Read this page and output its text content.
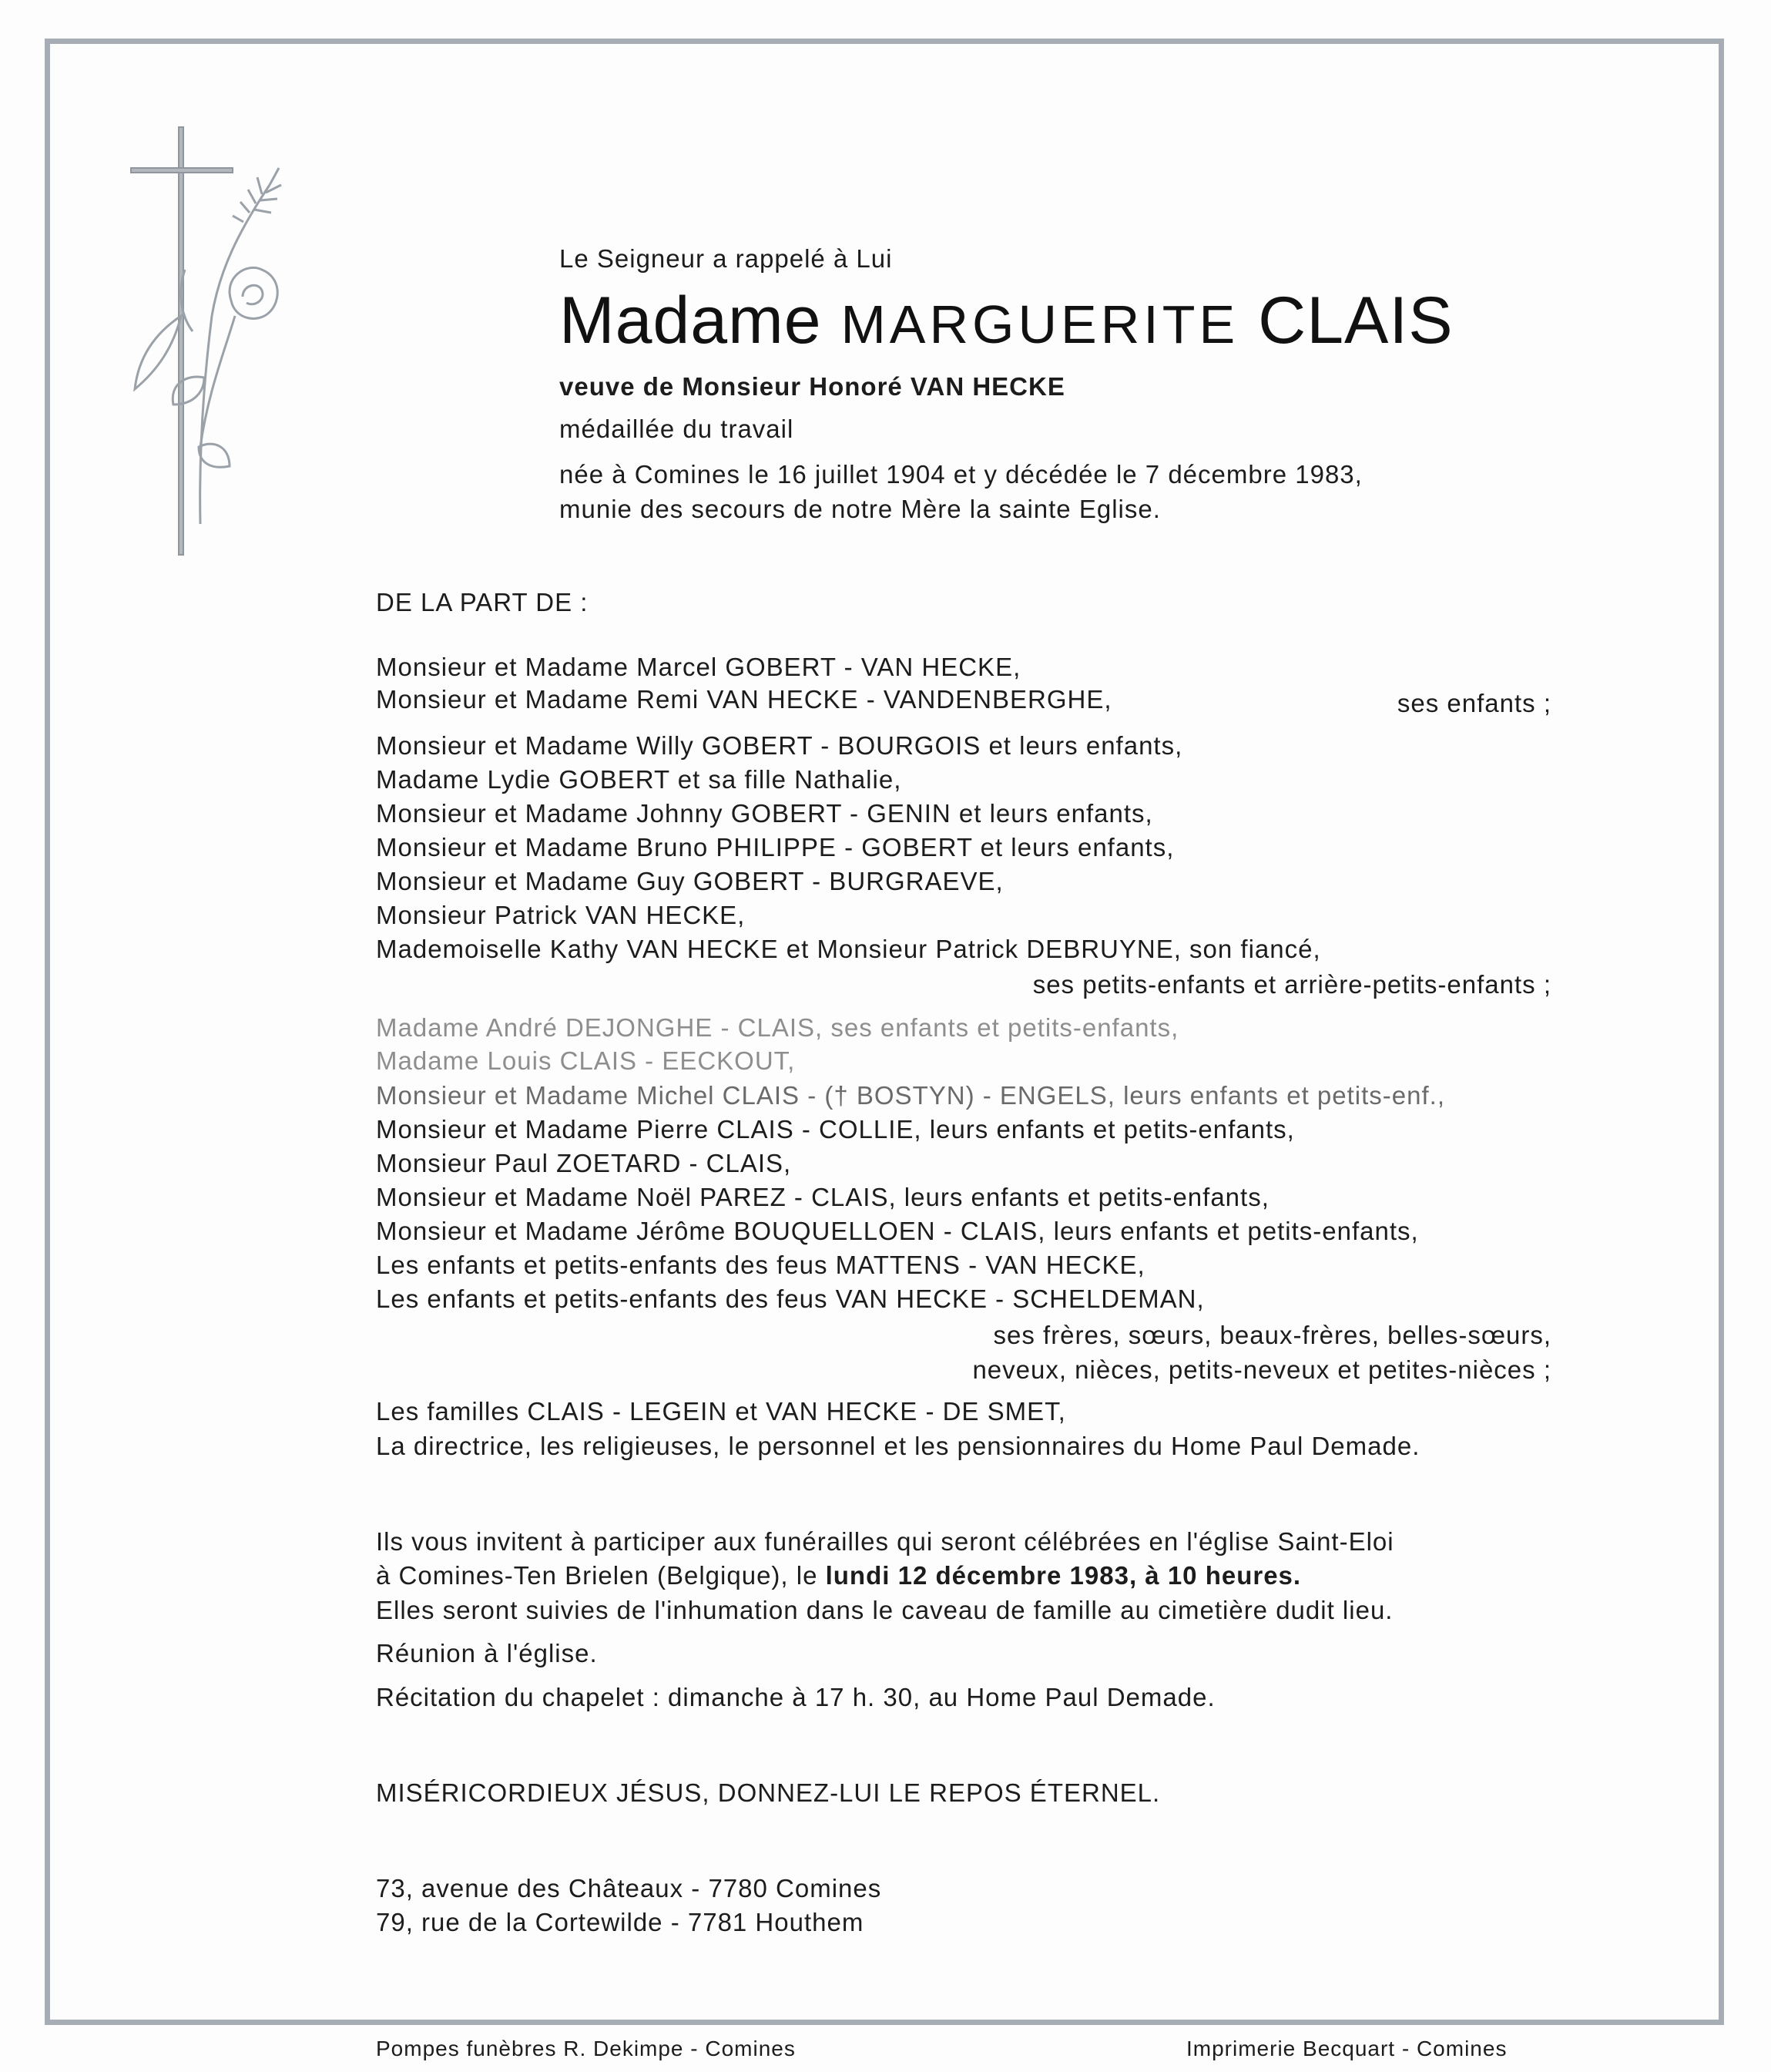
Le Seigneur a rappelé à Lui
Madame MARGUERITE CLAIS
veuve de Monsieur Honoré VAN HECKE
médaillée du travail
née à Comines le 16 juillet 1904 et y décédée le 7 décembre 1983,
munie des secours de notre Mère la sainte Eglise.
DE LA PART DE :
Monsieur et Madame Marcel GOBERT - VAN HECKE,
Monsieur et Madame Remi VAN HECKE - VANDENBERGHE,	ses enfants ;
Monsieur et Madame Willy GOBERT - BOURGOIS et leurs enfants,
Madame Lydie GOBERT et sa fille Nathalie,
Monsieur et Madame Johnny GOBERT - GENIN et leurs enfants,
Monsieur et Madame Bruno PHILIPPE - GOBERT et leurs enfants,
Monsieur et Madame Guy GOBERT - BURGRAEVE,
Monsieur Patrick VAN HECKE,
Mademoiselle Kathy VAN HECKE et Monsieur Patrick DEBRUYNE, son fiancé,
ses petits-enfants et arrière-petits-enfants ;
Madame André DEJONGHE - CLAIS, ses enfants et petits-enfants,
Madame Louis CLAIS - EECKOUT,
Monsieur et Madame Michel CLAIS - († BOSTYN) - ENGELS, leurs enfants et petits-enf.,
Monsieur et Madame Pierre CLAIS - COLLIE, leurs enfants et petits-enfants,
Monsieur Paul ZOETARD - CLAIS,
Monsieur et Madame Noël PAREZ - CLAIS, leurs enfants et petits-enfants,
Monsieur et Madame Jérôme BOUQUELLOEN - CLAIS, leurs enfants et petits-enfants,
Les enfants et petits-enfants des feus MATTENS - VAN HECKE,
Les enfants et petits-enfants des feus VAN HECKE - SCHELDEMAN,
ses frères, sœurs, beaux-frères, belles-sœurs,
neveux, nièces, petits-neveux et petites-nièces ;
Les familles CLAIS - LEGEIN et VAN HECKE - DE SMET,
La directrice, les religieuses, le personnel et les pensionnaires du Home Paul Demade.
Ils vous invitent à participer aux funérailles qui seront célébrées en l'église Saint-Eloi
à Comines-Ten Brielen (Belgique), le lundi 12 décembre 1983, à 10 heures.
Elles seront suivies de l'inhumation dans le caveau de famille au cimetière dudit lieu.
Réunion à l'église.
Récitation du chapelet : dimanche à 17 h. 30, au Home Paul Demade.
MISÉRICORDIEUX JÉSUS, DONNEZ-LUI LE REPOS ÉTERNEL.
73, avenue des Châteaux - 7780 Comines
79, rue de la Cortewilde - 7781 Houthem
Pompes funèbres R. Dekimpe - Comines	Imprimerie Becquart - Comines
